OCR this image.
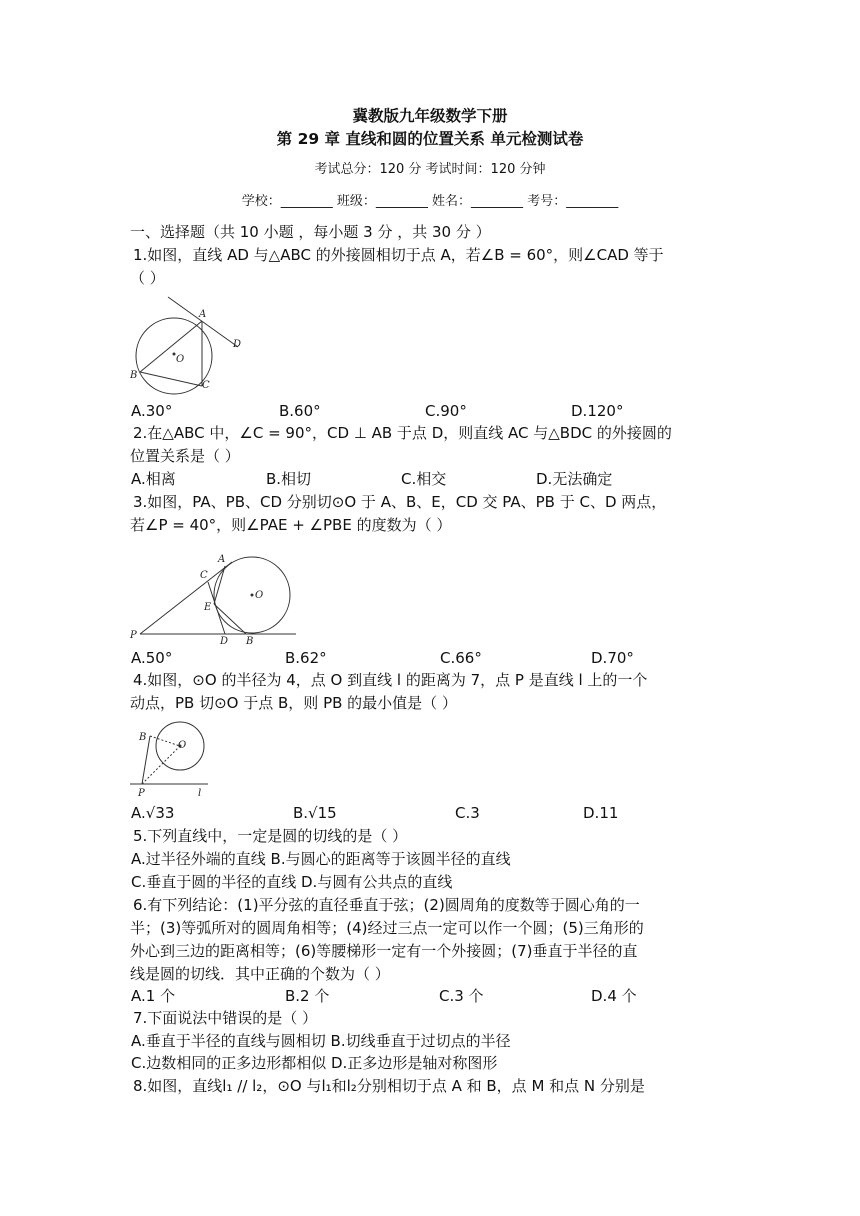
冀教版九年级数学下册
第 29 章 直线和圆的位置关系 单元检测试卷
考试总分：120 分 考试时间：120 分钟
学校：________ 班级：________ 姓名：________ 考号：________
一、选择题（共 10 小题 ，每小题 3 分 ，共 30 分 ）
1.如图，直线 AD 与△ABC 的外接圆相切于点 A，若∠B = 60°，则∠CAD 等于
（ ）
A
B
C
D
O
A.30°	B.60°	C.90°	D.120°
2.在△ABC 中，∠C = 90°，CD ⊥ AB 于点 D，则直线 AC 与△BDC 的外接圆的
位置关系是（ ）
A.相离	B.相切	C.相交	D.无法确定
3.如图，PA、PB、CD 分别切⊙O 于 A、B、E，CD 交 PA、PB 于 C、D 两点，
若∠P = 40°，则∠PAE + ∠PBE 的度数为（ ）
A
B
C
D
E
O
P
A.50°	B.62°	C.66°	D.70°
4.如图，⊙O 的半径为 4，点 O 到直线 l 的距离为 7，点 P 是直线 l 上的一个
动点，PB 切⊙O 于点 B，则 PB 的最小值是（ ）
B
O
P	l
A.√33	B.√15	C.3	D.11
5.下列直线中，一定是圆的切线的是（ ）
A.过半径外端的直线 B.与圆心的距离等于该圆半径的直线
C.垂直于圆的半径的直线 D.与圆有公共点的直线
6.有下列结论：(1)平分弦的直径垂直于弦；(2)圆周角的度数等于圆心角的一
半；(3)等弧所对的圆周角相等；(4)经过三点一定可以作一个圆；(5)三角形的
外心到三边的距离相等；(6)等腰梯形一定有一个外接圆；(7)垂直于半径的直
线是圆的切线．其中正确的个数为（ ）
A.1 个	B.2 个	C.3 个	D.4 个
7.下面说法中错误的是（ ）
A.垂直于半径的直线与圆相切 B.切线垂直于过切点的半径
C.边数相同的正多边形都相似 D.正多边形是轴对称图形
8.如图，直线l₁ // l₂，⊙O 与l₁和l₂分别相切于点 A 和 B，点 M 和点 N 分别是
